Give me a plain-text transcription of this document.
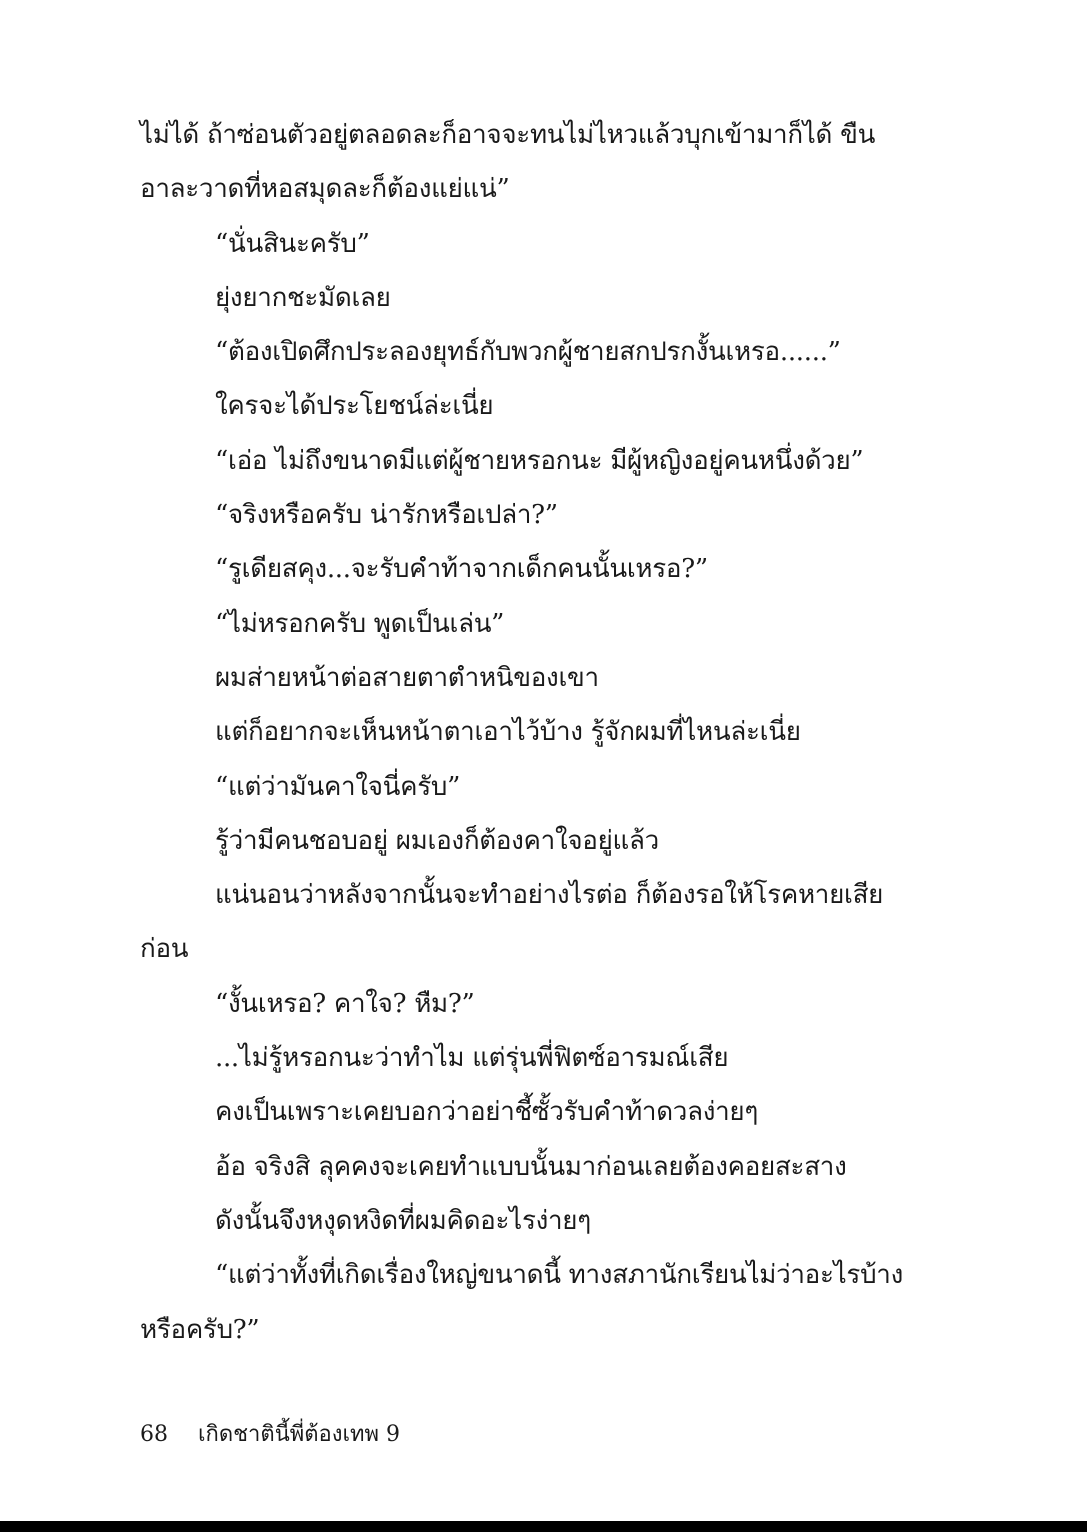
ไม่ได้ ถ้าซ่อนตัวอยู่ตลอดละก็อาจจะทนไม่ไหวแล้วบุกเข้ามาก็ได้ ขืน
อาละวาดที่หอสมุดละก็ต้องแย่แน่”
“นั่นสินะครับ”
ยุ่งยากชะมัดเลย
“ต้องเปิดศึกประลองยุทธ์กับพวกผู้ชายสกปรกงั้นเหรอ......”
ใครจะได้ประโยชน์ล่ะเนี่ย
“เอ่อ ไม่ถึงขนาดมีแต่ผู้ชายหรอกนะ มีผู้หญิงอยู่คนหนึ่งด้วย”
“จริงหรือครับ น่ารักหรือเปล่า?”
“รูเดียสคุง...จะรับคำท้าจากเด็กคนนั้นเหรอ?”
“ไม่หรอกครับ พูดเป็นเล่น”
ผมส่ายหน้าต่อสายตาตำหนิของเขา
แต่ก็อยากจะเห็นหน้าตาเอาไว้บ้าง รู้จักผมที่ไหนล่ะเนี่ย
“แต่ว่ามันคาใจนี่ครับ”
รู้ว่ามีคนชอบอยู่ ผมเองก็ต้องคาใจอยู่แล้ว
แน่นอนว่าหลังจากนั้นจะทำอย่างไรต่อ ก็ต้องรอให้โรคหายเสีย
ก่อน
“งั้นเหรอ? คาใจ? หืม?”
...ไม่รู้หรอกนะว่าทำไม แต่รุ่นพี่ฟิตซ์อารมณ์เสีย
คงเป็นเพราะเคยบอกว่าอย่าชี้ซั้วรับคำท้าดวลง่ายๆ
อ้อ จริงสิ ลุคคงจะเคยทำแบบนั้นมาก่อนเลยต้องคอยสะสาง
ดังนั้นจึงหงุดหงิดที่ผมคิดอะไรง่ายๆ
“แต่ว่าทั้งที่เกิดเรื่องใหญ่ขนาดนี้ ทางสภานักเรียนไม่ว่าอะไรบ้าง
หรือครับ?”
68 เกิดชาตินี้พี่ต้องเทพ 9
